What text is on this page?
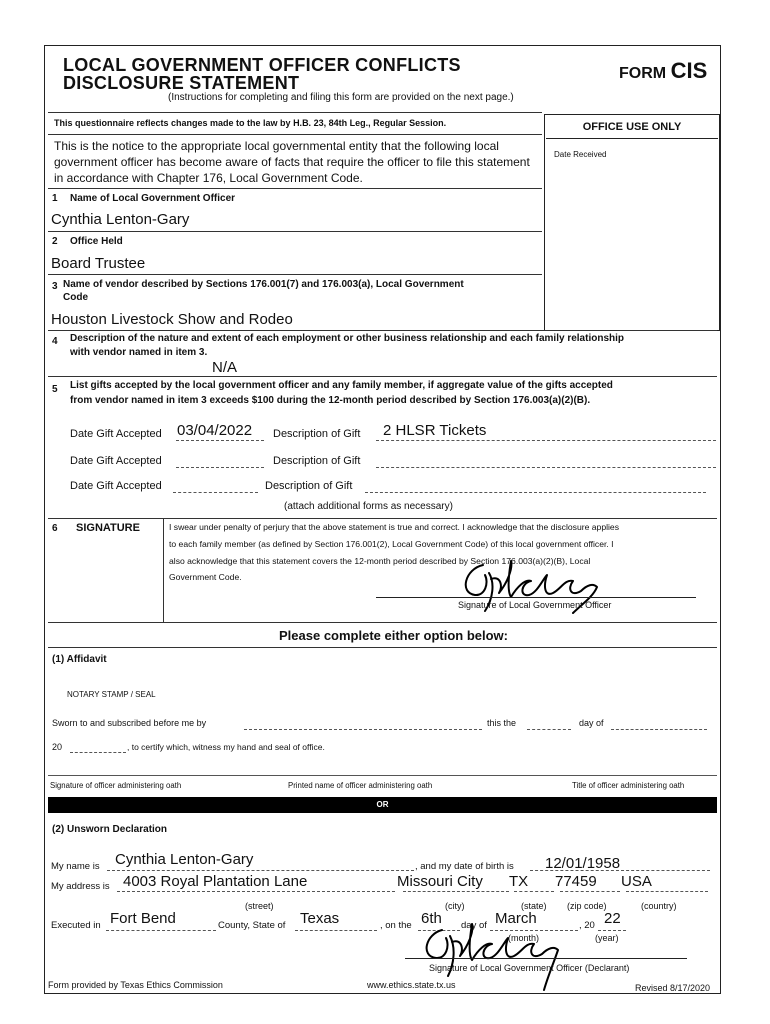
LOCAL GOVERNMENT OFFICER CONFLICTS
DISCLOSURE STATEMENT	FORM CIS
(Instructions for completing and filing this form are provided on the next page.)
This questionnaire reflects changes made to the law by H.B. 23, 84th Leg., Regular Session.	OFFICE USE ONLY
Date Received
This is the notice to the appropriate local governmental entity that the following local
government officer has become aware of facts that require the officer to file this statement
in accordance with Chapter 176, Local Government Code.
1 Name of Local Government Officer
Cynthia Lenton-Gary
2 Office Held
Board Trustee
3 Name of vendor described by Sections 176.001(7) and 176.003(a), Local Government
Code
Houston Livestock Show and Rodeo
4 Description of the nature and extent of each employment or other business relationship and each family relationship
with vendor named in item 3.
N/A
5 List gifts accepted by the local government officer and any family member, if aggregate value of the gifts accepted
from vendor named in item 3 exceeds $100 during the 12-month period described by Section 176.003(a)(2)(B).
Date Gift Accepted 03/04/2022 Description of Gift 2 HLSR Tickets
Date Gift Accepted	Description of Gift
Date Gift Accepted	Description of Gift
(attach additional forms as necessary)
6 SIGNATURE	I swear under penalty of perjury that the above statement is true and correct. I acknowledge that the disclosure applies
to each family member (as defined by Section 176.001(2), Local Government Code) of this local government officer. I
also acknowledge that this statement covers the 12-month period described by Section 176.003(a)(2)(B), Local
Government Code.
Signature of Local Government Officer
Please complete either option below:
(1) Affidavit
NOTARY STAMP / SEAL
Sworn to and subscribed before me by	this the	day of
20	, to certify which, witness my hand and seal of office.
Signature of officer administering oath	Printed name of officer administering oath	Title of officer administering oath
OR
(2) Unsworn Declaration
My name is Cynthia Lenton-Gary	, and my date of birth is 12/01/1958
My address is 4003 Royal Plantation Lane	Missouri City TX 77459 USA
(street)	(city)	(state) (zip code)	(country)
Executed in Fort Bend	County, State of Texas	, on the 6th day of March	, 20 22
(month)	(year)
Signature of Local Government Officer (Declarant)
Form provided by Texas Ethics Commission	www.ethics.state.tx.us	Revised 8/17/2020
